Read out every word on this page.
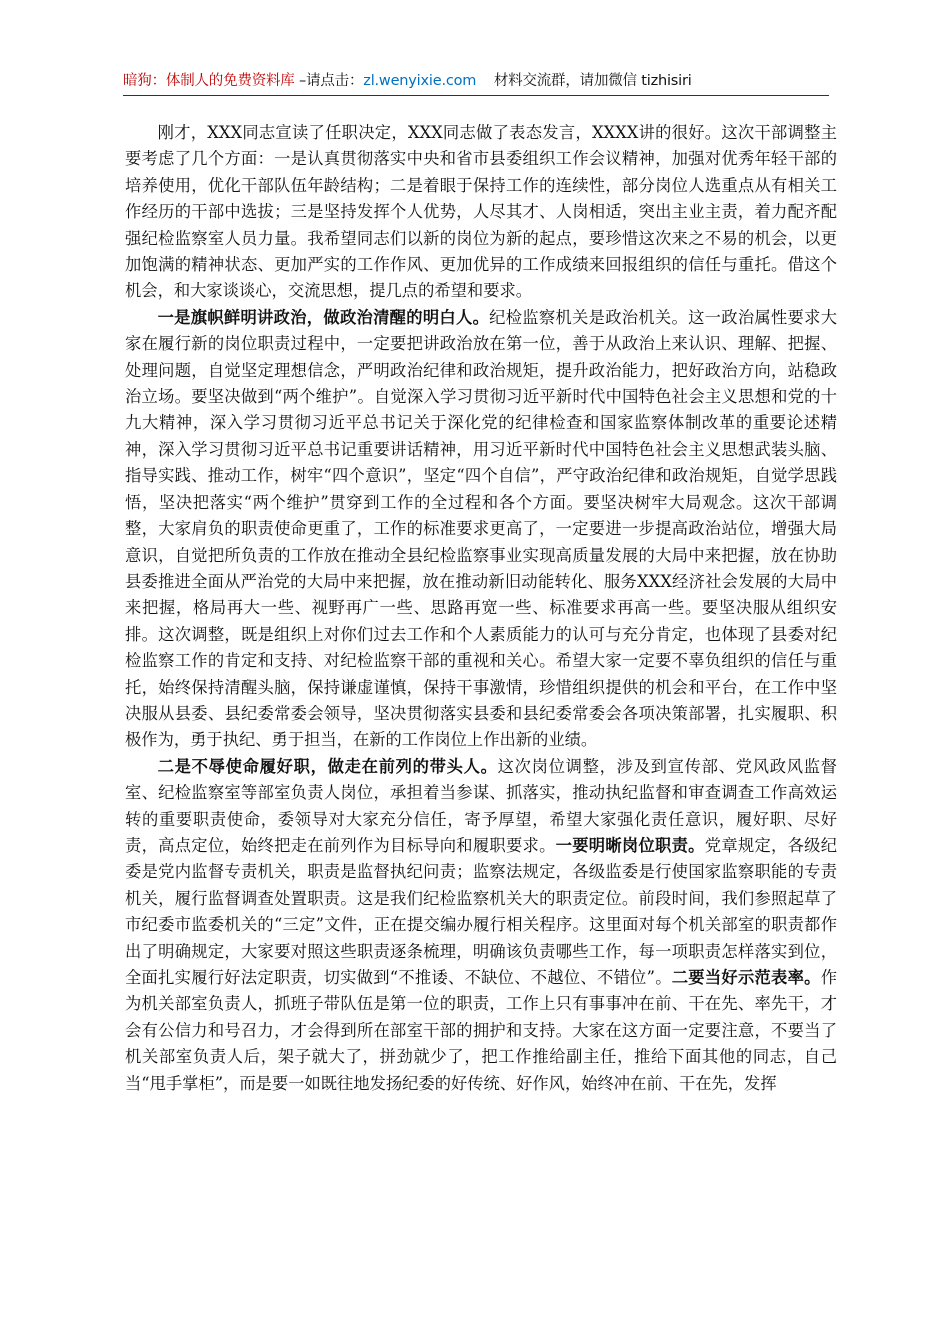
暗狗：体制人的免费资料库 –请点击：zl.wenyixie.com 材料交流群，请加微信 tizhisiri

刚才，XXX同志宣读了任职决定，XXX同志做了表态发言，XXXX讲的很好。这次干部调整主要考虑了几个方面：一是认真贯彻落实中央和省市县委组织工作会议精神，加强对优秀年轻干部的培养使用，优化干部队伍年龄结构；二是着眼于保持工作的连续性，部分岗位人选重点从有相关工作经历的干部中选拔；三是坚持发挥个人优势，人尽其才、人岗相适，突出主业主责，着力配齐配强纪检监察室人员力量。我希望同志们以新的岗位为新的起点，要珍惜这次来之不易的机会，以更加饱满的精神状态、更加严实的工作作风、更加优异的工作成绩来回报组织的信任与重托。借这个机会，和大家谈谈心，交流思想，提几点的希望和要求。

一是旗帜鲜明讲政治，做政治清醒的明白人。纪检监察机关是政治机关。这一政治属性要求大家在履行新的岗位职责过程中，一定要把讲政治放在第一位，善于从政治上来认识、理解、把握、处理问题，自觉坚定理想信念，严明政治纪律和政治规矩，提升政治能力，把好政治方向，站稳政治立场。要坚决做到“两个维护”。自觉深入学习贯彻习近平新时代中国特色社会主义思想和党的十九大精神，深入学习贯彻习近平总书记关于深化党的纪律检查和国家监察体制改革的重要论述精神，深入学习贯彻习近平总书记重要讲话精神，用习近平新时代中国特色社会主义思想武装头脑、指导实践、推动工作，树牢“四个意识”，坚定“四个自信”，严守政治纪律和政治规矩，自觉学思践悟，坚决把落实“两个维护”贯穿到工作的全过程和各个方面。要坚决树牢大局观念。这次干部调整，大家肩负的职责使命更重了，工作的标准要求更高了，一定要进一步提高政治站位，增强大局意识，自觉把所负责的工作放在推动全县纪检监察事业实现高质量发展的大局中来把握，放在协助县委推进全面从严治党的大局中来把握，放在推动新旧动能转化、服务XXX经济社会发展的大局中来把握，格局再大一些、视野再广一些、思路再宽一些、标准要求再高一些。要坚决服从组织安排。这次调整，既是组织上对你们过去工作和个人素质能力的认可与充分肯定，也体现了县委对纪检监察工作的肯定和支持、对纪检监察干部的重视和关心。希望大家一定要不辜负组织的信任与重托，始终保持清醒头脑，保持谦虚谨慎，保持干事激情，珍惜组织提供的机会和平台，在工作中坚决服从县委、县纪委常委会领导，坚决贯彻落实县委和县纪委常委会各项决策部署，扎实履职、积极作为，勇于执纪、勇于担当，在新的工作岗位上作出新的业绩。

二是不辱使命履好职，做走在前列的带头人。这次岗位调整，涉及到宣传部、党风政风监督室、纪检监察室等部室负责人岗位，承担着当参谋、抓落实，推动执纪监督和审查调查工作高效运转的重要职责使命，委领导对大家充分信任，寄予厚望，希望大家强化责任意识，履好职、尽好责，高点定位，始终把走在前列作为目标导向和履职要求。一要明晰岗位职责。党章规定，各级纪委是党内监督专责机关，职责是监督执纪问责；监察法规定，各级监委是行使国家监察职能的专责机关，履行监督调查处置职责。这是我们纪检监察机关大的职责定位。前段时间，我们参照起草了市纪委市监委机关的“三定”文件，正在提交编办履行相关程序。这里面对每个机关部室的职责都作出了明确规定，大家要对照这些职责逐条梳理，明确该负责哪些工作，每一项职责怎样落实到位，全面扎实履行好法定职责，切实做到“不推诿、不缺位、不越位、不错位”。二要当好示范表率。作为机关部室负责人，抓班子带队伍是第一位的职责，工作上只有事事冲在前、干在先、率先干，才会有公信力和号召力，才会得到所在部室干部的拥护和支持。大家在这方面一定要注意，不要当了机关部室负责人后，架子就大了，拼劲就少了，把工作推给副主任，推给下面其他的同志，自己当“甩手掌柜”，而是要一如既往地发扬纪委的好传统、好作风，始终冲在前、干在先，发挥
